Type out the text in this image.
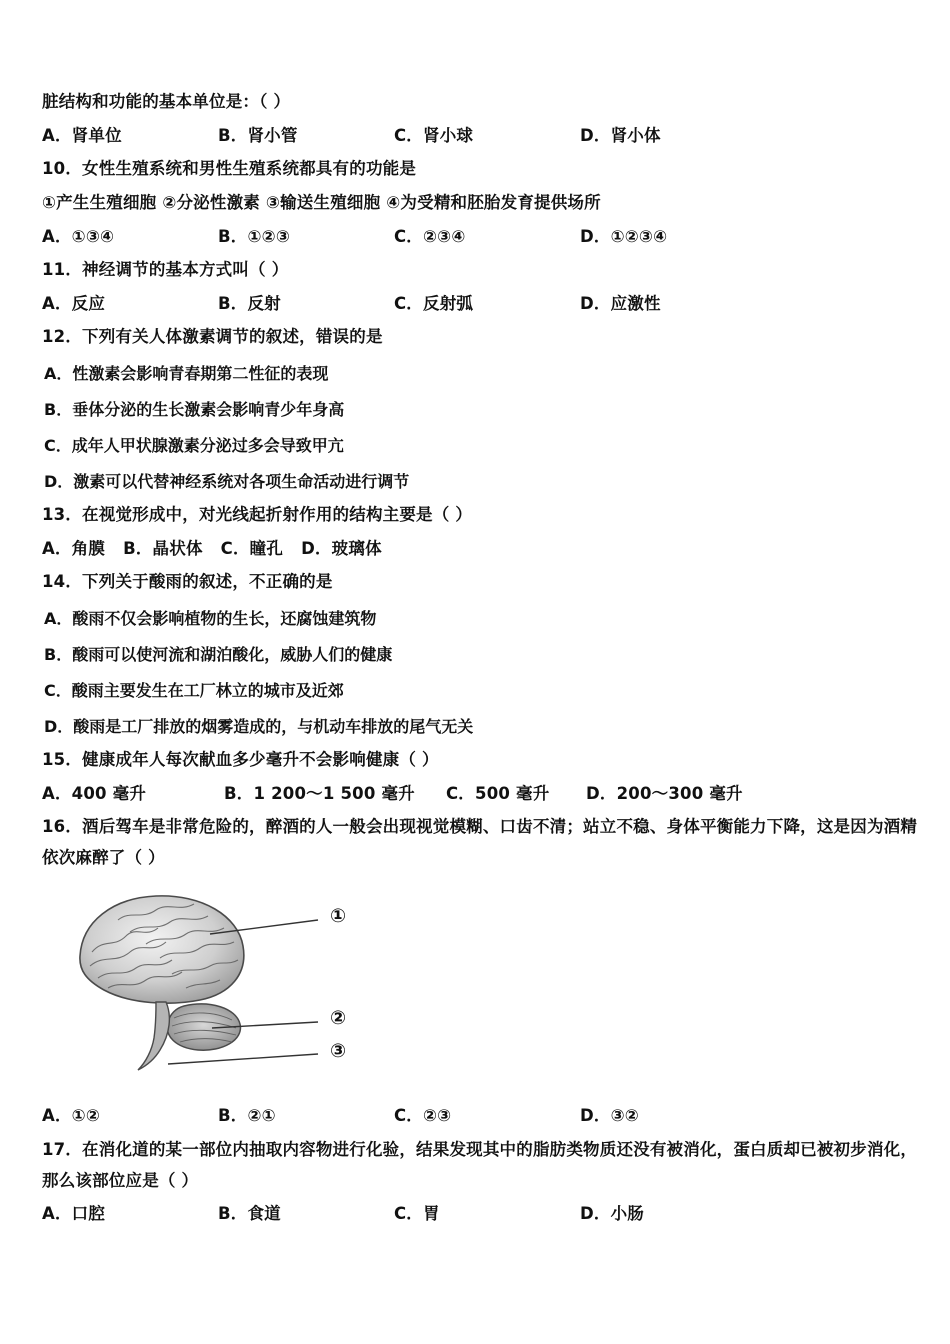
脏结构和功能的基本单位是：（ ）
A．肾单位	B．肾小管	C．肾小球	D．肾小体
10．女性生殖系统和男性生殖系统都具有的功能是
①产生生殖细胞 ②分泌性激素 ③输送生殖细胞 ④为受精和胚胎发育提供场所
A．①③④	B．①②③	C．②③④	D．①②③④
11．神经调节的基本方式叫（ ）
A．反应	B．反射	C．反射弧	D．应激性
12．下列有关人体激素调节的叙述，错误的是
A．性激素会影响青春期第二性征的表现
B．垂体分泌的生长激素会影响青少年身高
C．成年人甲状腺激素分泌过多会导致甲亢
D．激素可以代替神经系统对各项生命活动进行调节
13．在视觉形成中，对光线起折射作用的结构主要是（ ）
A．角膜 B．晶状体 C．瞳孔 D．玻璃体
14．下列关于酸雨的叙述，不正确的是
A．酸雨不仅会影响植物的生长，还腐蚀建筑物
B．酸雨可以使河流和湖泊酸化，威胁人们的健康
C．酸雨主要发生在工厂林立的城市及近郊
D．酸雨是工厂排放的烟雾造成的，与机动车排放的尾气无关
15．健康成年人每次献血多少毫升不会影响健康（ ）
A．400 毫升	B．1 200～1 500 毫升 C．500 毫升 D．200～300 毫升
16．酒后驾车是非常危险的，醉酒的人一般会出现视觉模糊、口齿不清；站立不稳、身体平衡能力下降，这是因为酒精
依次麻醉了（ ）
①
②
③
A．①②	B．②①	C．②③	D．③②
17．在消化道的某一部位内抽取内容物进行化验，结果发现其中的脂肪类物质还没有被消化，蛋白质却已被初步消化，
那么该部位应是（ ）
A．口腔	B．食道	C．胃	D．小肠
